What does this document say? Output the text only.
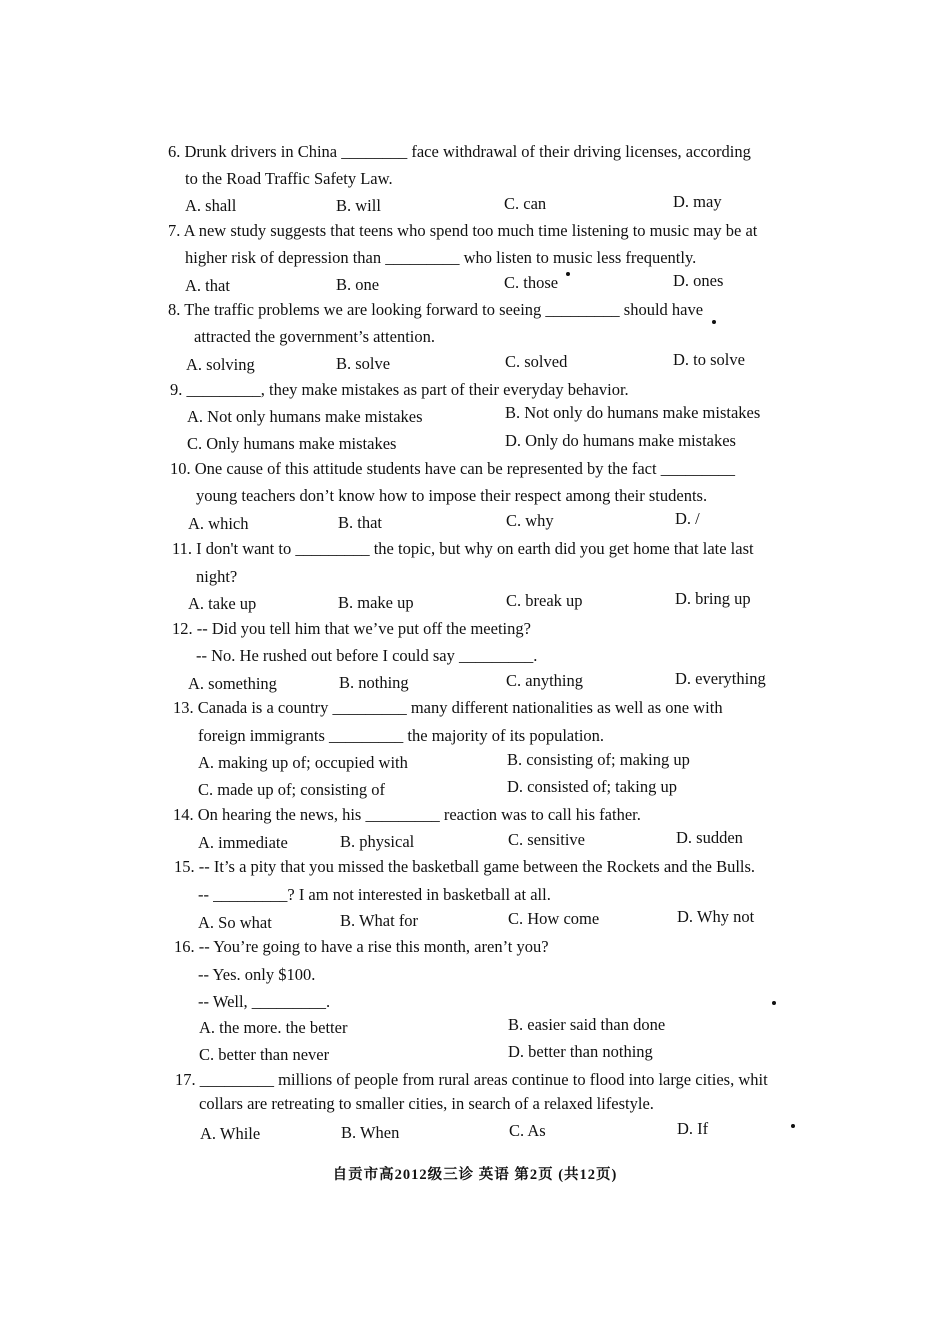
6. Drunk drivers in China ________ face withdrawal of their driving licenses, according
to the Road Traffic Safety Law.
A. shall	B. will	C. can	D. may
7. A new study suggests that teens who spend too much time listening to music may be at
higher risk of depression than _________ who listen to music less frequently.
A. that	B. one	C. those	D. ones
8. The traffic problems we are looking forward to seeing _________ should have
attracted the government’s attention.
A. solving	B. solve	C. solved	D. to solve
9. _________, they make mistakes as part of their everyday behavior.
A. Not only humans make mistakes	B. Not only do humans make mistakes
C. Only humans make mistakes	D. Only do humans make mistakes
10. One cause of this attitude students have can be represented by the fact _________
young teachers don’t know how to impose their respect among their students.
A. which	B. that	C. why	D. /
11. I don't want to _________ the topic, but why on earth did you get home that late last
night?
A. take up	B. make up	C. break up	D. bring up
12. -- Did you tell him that we’ve put off the meeting?
-- No. He rushed out before I could say _________.
A. something	B. nothing	C. anything	D. everything
13. Canada is a country _________ many different nationalities as well as one with
foreign immigrants _________ the majority of its population.
A. making up of; occupied with	B. consisting of; making up
C. made up of; consisting of	D. consisted of; taking up
14. On hearing the news, his _________ reaction was to call his father.
A. immediate	B. physical	C. sensitive	D. sudden
15. -- It’s a pity that you missed the basketball game between the Rockets and the Bulls.
-- _________? I am not interested in basketball at all.
A. So what	B. What for	C. How come	D. Why not
16. -- You’re going to have a rise this month, aren’t you?
-- Yes. only $100.
-- Well, _________.
A. the more. the better	B. easier said than done
C. better than never	D. better than nothing
17. _________ millions of people from rural areas continue to flood into large cities, whit
collars are retreating to smaller cities, in search of a relaxed lifestyle.
A. While	B. When	C. As	D. If
自贡市高2012级三诊 英语 第2页 (共12页)
